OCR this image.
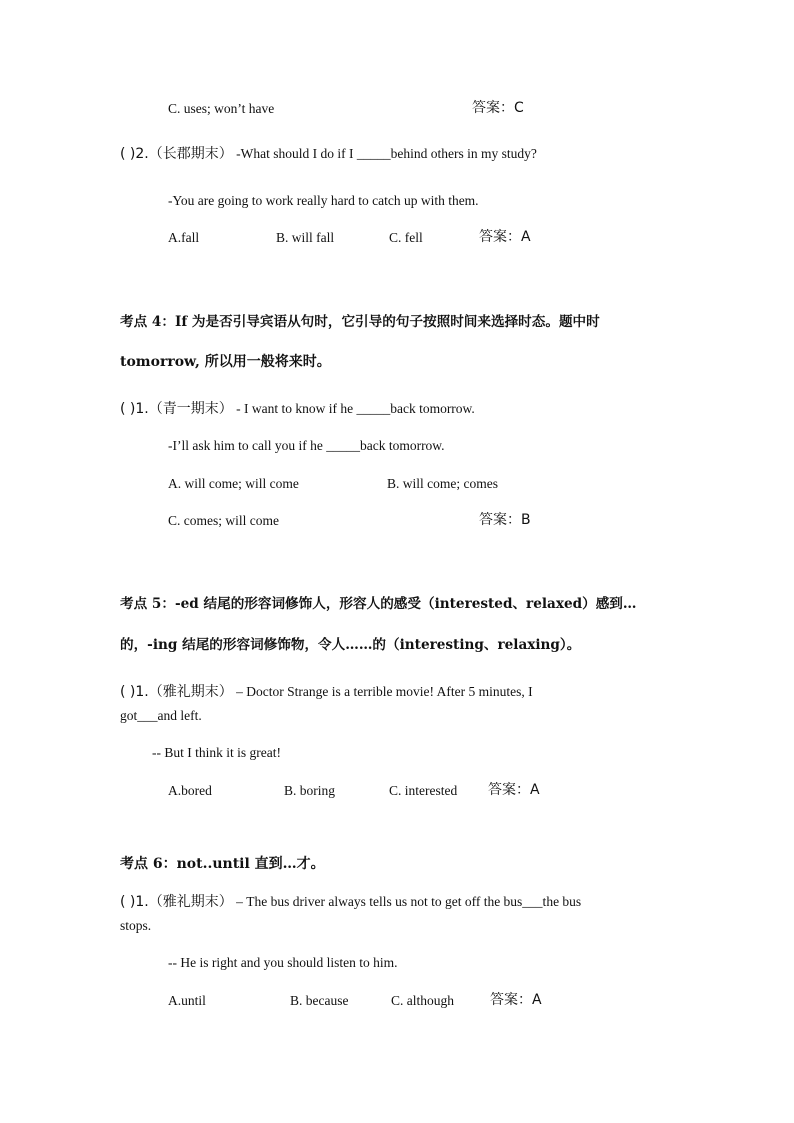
C. uses; won’t have	答案：C
( )2.（长郡期末） -What should I do if I _____behind others in my study?
-You are going to work really hard to catch up with them.
A.fall	B. will fall	C. fell	答案：A
考点 4：If 为是否引导宾语从句时，它引导的句子按照时间来选择时态。题中时
tomorrow, 所以用一般将来时。
( )1.（青一期末） - I want to know if he _____back tomorrow.
-I’ll ask him to call you if he _____back tomorrow.
A. will come; will come	B. will come; comes
C. comes; will come	答案：B
考点 5：-ed 结尾的形容词修饰人，形容人的感受（interested、relaxed）感到…
的，-ing 结尾的形容词修饰物，令人……的（interesting、relaxing）。
( )1.（雅礼期末） – Doctor Strange is a terrible movie! After 5 minutes, I
got___and left.
-- But I think it is great!
A.bored	B. boring	C. interested 答案：A
考点 6：not..until 直到…才。
( )1.（雅礼期末） – The bus driver always tells us not to get off the bus___the bus
stops.
-- He is right and you should listen to him.
A.until	B. because	C. although	答案：A
